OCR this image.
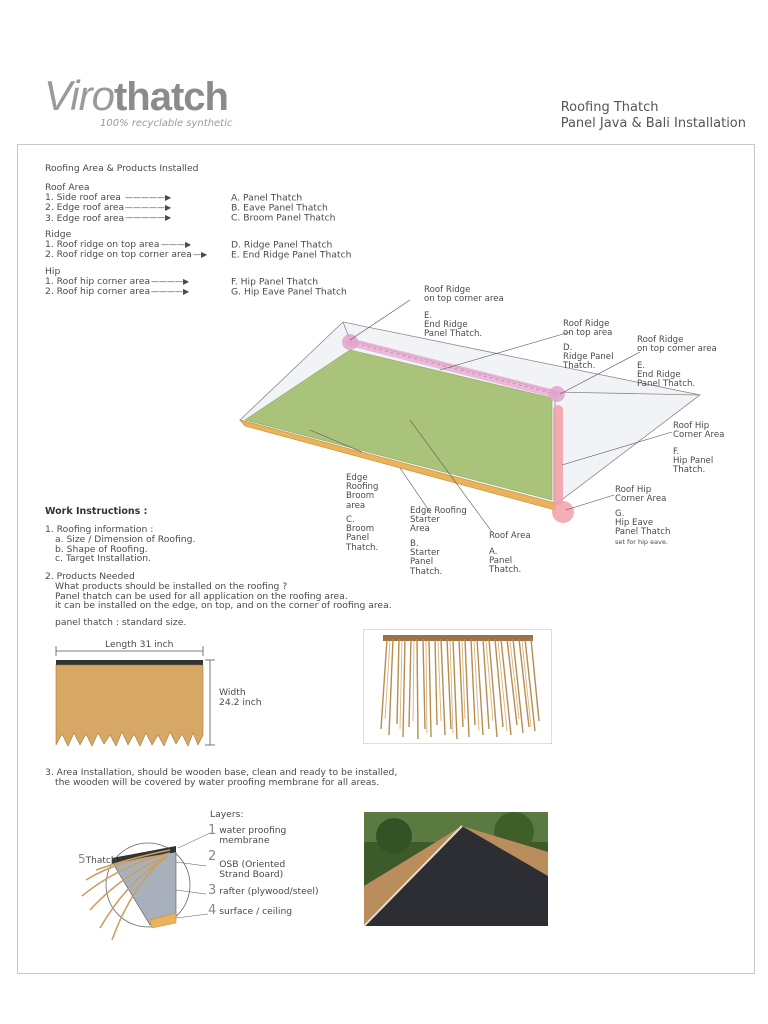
Virothatch
100% recyclable synthetic
Roofing Thatch
Panel Java & Bali Installation
Roofing Area & Products Installed
Roof Area
1. Side roof area —————▶	A. Panel Thatch
2. Edge roof area—————▶	B. Eave Panel Thatch
3. Edge roof area—————▶	C. Broom Panel Thatch
Ridge
1. Roof ridge on top area ———▶	D. Ridge Panel Thatch
2. Roof ridge on top corner area—▶	E. End Ridge Panel Thatch
Hip
1. Roof hip corner area————▶	F. Hip Panel Thatch
2. Roof hip corner area————▶	G. Hip Eave Panel Thatch	Roof Ridge
on top corner area
E.
End Ridge
Panel Thatch.
Roof Ridge
on top area
D.
Ridge Panel
Thatch.
Roof Ridge
on top corner area
E.
End Ridge
Panel Thatch.
Roof Hip
Corner Area
F.
Hip Panel
Thatch.
Roof Hip
Corner Area
G.
Hip Eave
Panel Thatch
set for hip eave.
Edge
Roofing
Broom
area
C.
Broom
Panel
Thatch.
Edge Roofing
Starter
Area
B.
Starter
Panel
Thatch.
Roof Area
A.
Panel
Thatch.
Work Instructions :
1. Roofing information :
a. Size / Dimension of Roofing.
b. Shape of Roofing.
c. Target Installation.
2. Products Needed
What products should be installed on the roofing ?
Panel thatch can be used for all application on the roofing area.
it can be installed on the edge, on top, and on the corner of roofing area.
panel thatch : standard size.
Length 31 inch
Width
24.2 inch
3. Area Installation, should be wooden base, clean and ready to be installed,
the wooden will be covered by water proofing membrane for all areas.
Layers:
5Thatch
1 water proofing
membrane
2
OSB (Oriented
Strand Board)
3 rafter (plywood/steel)
4 surface / ceiling
